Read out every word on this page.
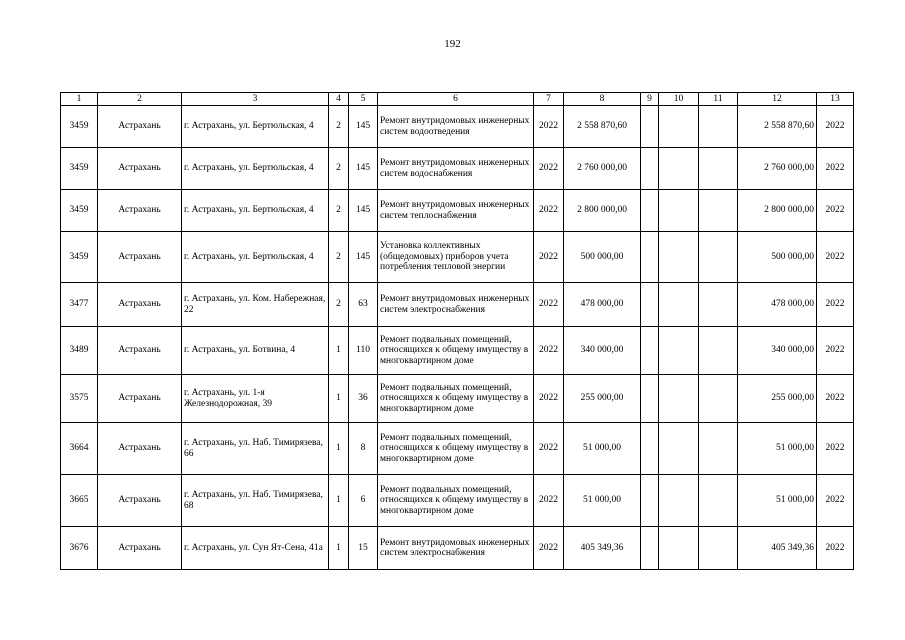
192
1	2	3	4	5	6	7	8	9	10	11	12	13
3459	Астрахань	г. Астрахань, ул. Бертюльская, 4	2	145	Ремонт внутридомовых инженерных систем водоотведения	2022	2 558 870,60				2 558 870,60	2022
3459	Астрахань	г. Астрахань, ул. Бертюльская, 4	2	145	Ремонт внутридомовых инженерных систем водоснабжения	2022	2 760 000,00				2 760 000,00	2022
3459	Астрахань	г. Астрахань, ул. Бертюльская, 4	2	145	Ремонт внутридомовых инженерных систем теплоснабжения	2022	2 800 000,00				2 800 000,00	2022
3459	Астрахань	г. Астрахань, ул. Бертюльская, 4	2	145	Установка коллективных (общедомовых) приборов учета потребления тепловой энергии	2022	500 000,00				500 000,00	2022
3477	Астрахань	г. Астрахань, ул. Ком. Набережная, 22	2	63	Ремонт внутридомовых инженерных систем электроснабжения	2022	478 000,00				478 000,00	2022
3489	Астрахань	г. Астрахань, ул. Ботвина, 4	1	110	Ремонт подвальных помещений, относящихся к общему имуществу в многоквартирном доме	2022	340 000,00				340 000,00	2022
3575	Астрахань	г. Астрахань, ул. 1-я Железнодорожная, 39	1	36	Ремонт подвальных помещений, относящихся к общему имуществу в многоквартирном доме	2022	255 000,00				255 000,00	2022
3664	Астрахань	г. Астрахань, ул. Наб. Тимирязева, 66	1	8	Ремонт подвальных помещений, относящихся к общему имуществу в многоквартирном доме	2022	51 000,00				51 000,00	2022
3665	Астрахань	г. Астрахань, ул. Наб. Тимирязева, 68	1	6	Ремонт подвальных помещений, относящихся к общему имуществу в многоквартирном доме	2022	51 000,00				51 000,00	2022
3676	Астрахань	г. Астрахань, ул. Сун Ят-Сена, 41а	1	15	Ремонт внутридомовых инженерных систем электроснабжения	2022	405 349,36				405 349,36	2022
